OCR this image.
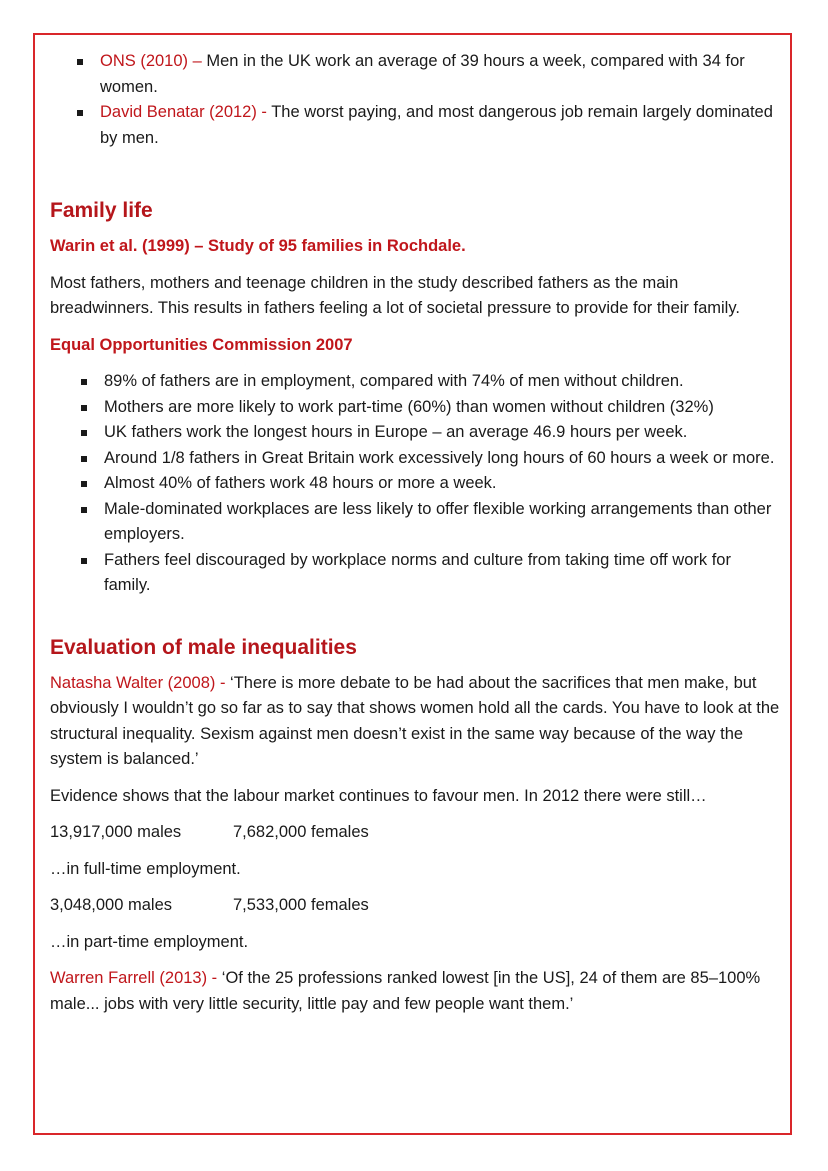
ONS (2010) – Men in the UK work an average of 39 hours a week, compared with 34 for women.
David Benatar (2012) - The worst paying, and most dangerous job remain largely dominated by men.
Family life
Warin et al. (1999) – Study of 95 families in Rochdale.

Most fathers, mothers and teenage children in the study described fathers as the main breadwinners. This results in fathers feeling a lot of societal pressure to provide for their family.

Equal Opportunities Commission 2007
89% of fathers are in employment, compared with 74% of men without children.
Mothers are more likely to work part-time (60%) than women without children (32%)
UK fathers work the longest hours in Europe – an average 46.9 hours per week.
Around 1/8 fathers in Great Britain work excessively long hours of 60 hours a week or more.
Almost 40% of fathers work 48 hours or more a week.
Male-dominated workplaces are less likely to offer flexible working arrangements than other employers.
Fathers feel discouraged by workplace norms and culture from taking time off work for family.
Evaluation of male inequalities

Natasha Walter (2008) - ‘There is more debate to be had about the sacrifices that men make, but obviously I wouldn’t go so far as to say that shows women hold all the cards. You have to look at the structural inequality. Sexism against men doesn’t exist in the same way because of the way the system is balanced.’

Evidence shows that the labour market continues to favour men. In 2012 there were still…

13,917,000 males	7,682,000 females

…in full-time employment.

3,048,000 males	7,533,000 females

…in part-time employment.

Warren Farrell (2013) - ‘Of the 25 professions ranked lowest [in the US], 24 of them are 85–100% male... jobs with very little security, little pay and few people want them.’
